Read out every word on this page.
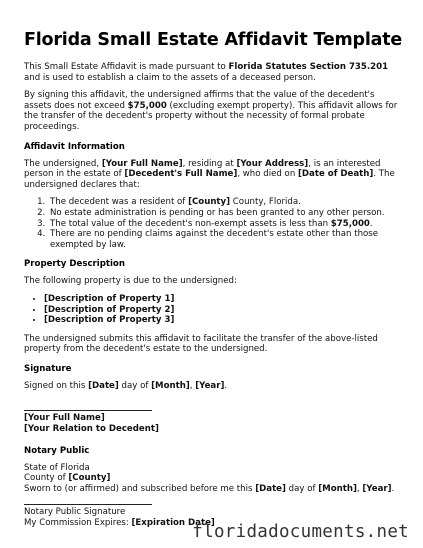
Florida Small Estate Affidavit Template

This Small Estate Affidavit is made pursuant to Florida Statutes Section 735.201 and is used to establish a claim to the assets of a deceased person.

By signing this affidavit, the undersigned affirms that the value of the decedent's assets does not exceed $75,000 (excluding exempt property). This affidavit allows for the transfer of the decedent's property without the necessity of formal probate proceedings.

Affidavit Information

The undersigned, [Your Full Name], residing at [Your Address], is an interested person in the estate of [Decedent's Full Name], who died on [Date of Death]. The undersigned declares that:

1. The decedent was a resident of [County] County, Florida.
2. No estate administration is pending or has been granted to any other person.
3. The total value of the decedent's non-exempt assets is less than $75,000.
4. There are no pending claims against the decedent's estate other than those exempted by law.
Property Description

The following property is due to the undersigned:

• [Description of Property 1]
• [Description of Property 2]
• [Description of Property 3]

The undersigned submits this affidavit to facilitate the transfer of the above-listed property from the decedent's estate to the undersigned.

Signature

Signed on this [Date] day of [Month], [Year].

[Your Full Name]

[Your Relation to Decedent]

Notary Public

State of Florida

County of [County]

Sworn to (or affirmed) and subscribed before me this [Date] day of [Month], [Year].

Notary Public Signature

My Commission Expires: [Expiration Date]

floridadocuments.net
